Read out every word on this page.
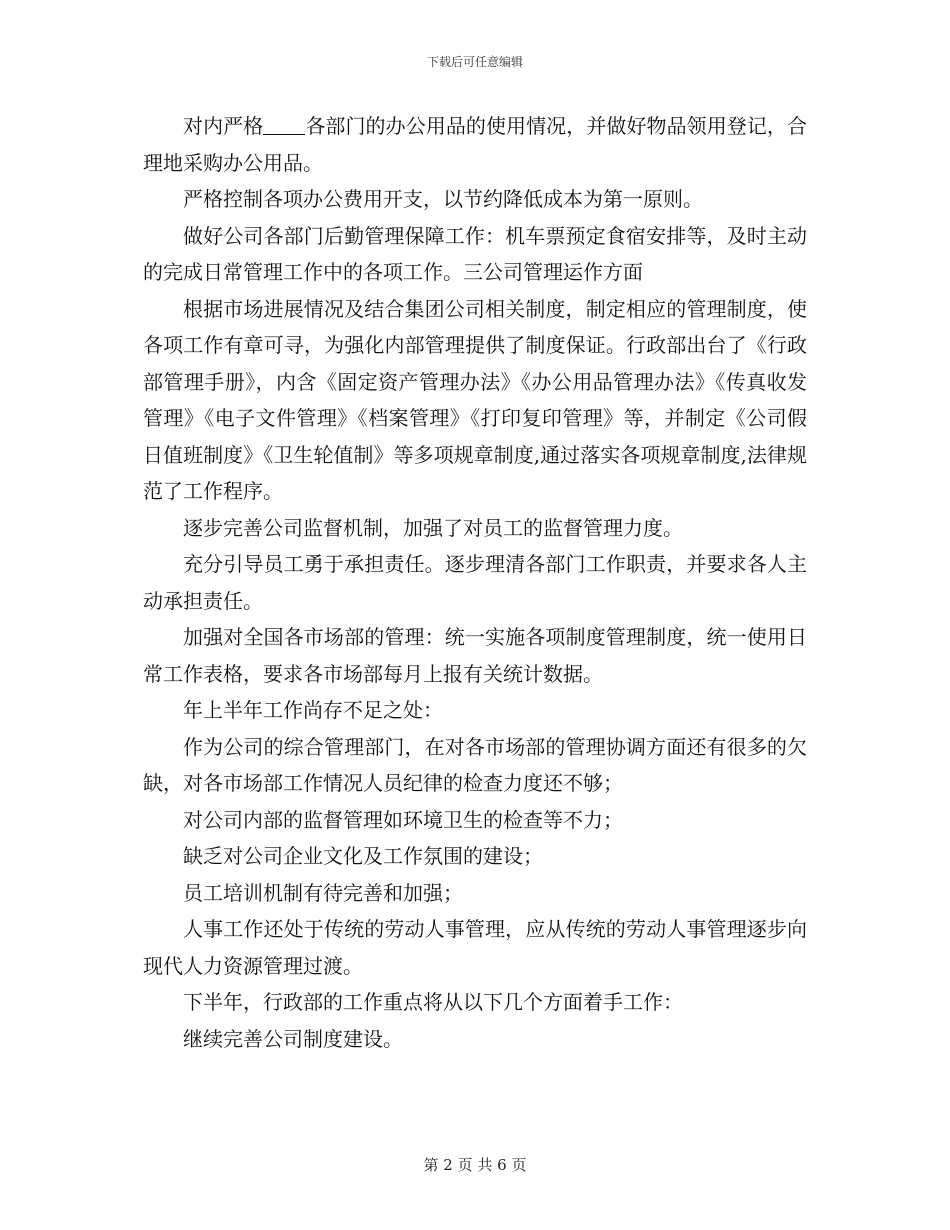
下载后可任意编辑

对内严格 各部门的办公用品的使用情况，并做好物品领用登记，合理地采购办公用品。

严格控制各项办公费用开支，以节约降低成本为第一原则。

做好公司各部门后勤管理保障工作：机车票预定食宿安排等，及时主动的完成日常管理工作中的各项工作。三公司管理运作方面

根据市场进展情况及结合集团公司相关制度，制定相应的管理制度，使各项工作有章可寻，为强化内部管理提供了制度保证。行政部出台了《行政部管理手册》，内含《固定资产管理办法》《办公用品管理办法》《传真收发管理》《电子文件管理》《档案管理》《打印复印管理》等，并制定《公司假日值班制度》《卫生轮值制》等多项规章制度,通过落实各项规章制度,法律规范了工作程序。

逐步完善公司监督机制，加强了对员工的监督管理力度。

充分引导员工勇于承担责任。逐步理清各部门工作职责，并要求各人主动承担责任。

加强对全国各市场部的管理：统一实施各项制度管理制度，统一使用日常工作表格，要求各市场部每月上报有关统计数据。

年上半年工作尚存不足之处：

作为公司的综合管理部门，在对各市场部的管理协调方面还有很多的欠缺，对各市场部工作情况人员纪律的检查力度还不够；

对公司内部的监督管理如环境卫生的检查等不力；

缺乏对公司企业文化及工作氛围的建设；

员工培训机制有待完善和加强；

人事工作还处于传统的劳动人事管理，应从传统的劳动人事管理逐步向现代人力资源管理过渡。

下半年，行政部的工作重点将从以下几个方面着手工作：

继续完善公司制度建设。

第 2 页 共 6 页
